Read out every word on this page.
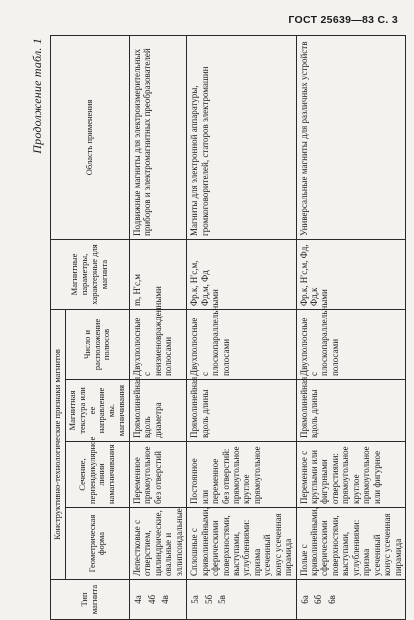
ГОСТ 25639—83 С. 3
Продолжение табл. 1
Тип магнита	Конструктивно-технологические признаки магнитов				Магнитные параметры, характерные для магнита	Область применения
	Геометрическая форма	Сечение, перпендикулярное линии намагничивания	Магнитная текстура или ее направление мы. магничивания	Число и расположение полюсов		

4а 4б 4в	Лепестковые с отверстием, цилиндрические, овальные и эллипсоидальные	Переменное прямоугольное без отверстий	Прямолинейная вдоль диаметра	Двухполюсные с неизменовражденными полюсами	m, H′с,м	Подвижные магниты для электроизмерительных приборов и электромагнитных преобразователей

5а 5б 5в	Сплошные с криволинейными, сферическими поверхностями, выступами, углублениями: призма усеченный конус усеченная пирамида	Постоянное или переменное без отверстий: прямоугольное круглое прямоугольное	Прямолинейная вдоль длины	Двухполюсные с плоскопараллельными полосами	Фр.к, H′с,м, Фд,м, Фд	Магниты для электронной аппаратуры, громкоговорителей, статоров электромашин

6а 6б 6в	Полые с криволинейными, сферическими поверхностями, выступами, углублениями: призма усеченный конус усеченная пирамида	Переменное с круглыми или фигурными отверстиями: прямоугольное круглое прямоугольное или фигурное	Прямолинейная вдоль длины	Двухполюсные с плоскопараллельными полосами	Фр.к, H′с,м, Фд, Фд,к	Универсальные магниты для различных устройств
